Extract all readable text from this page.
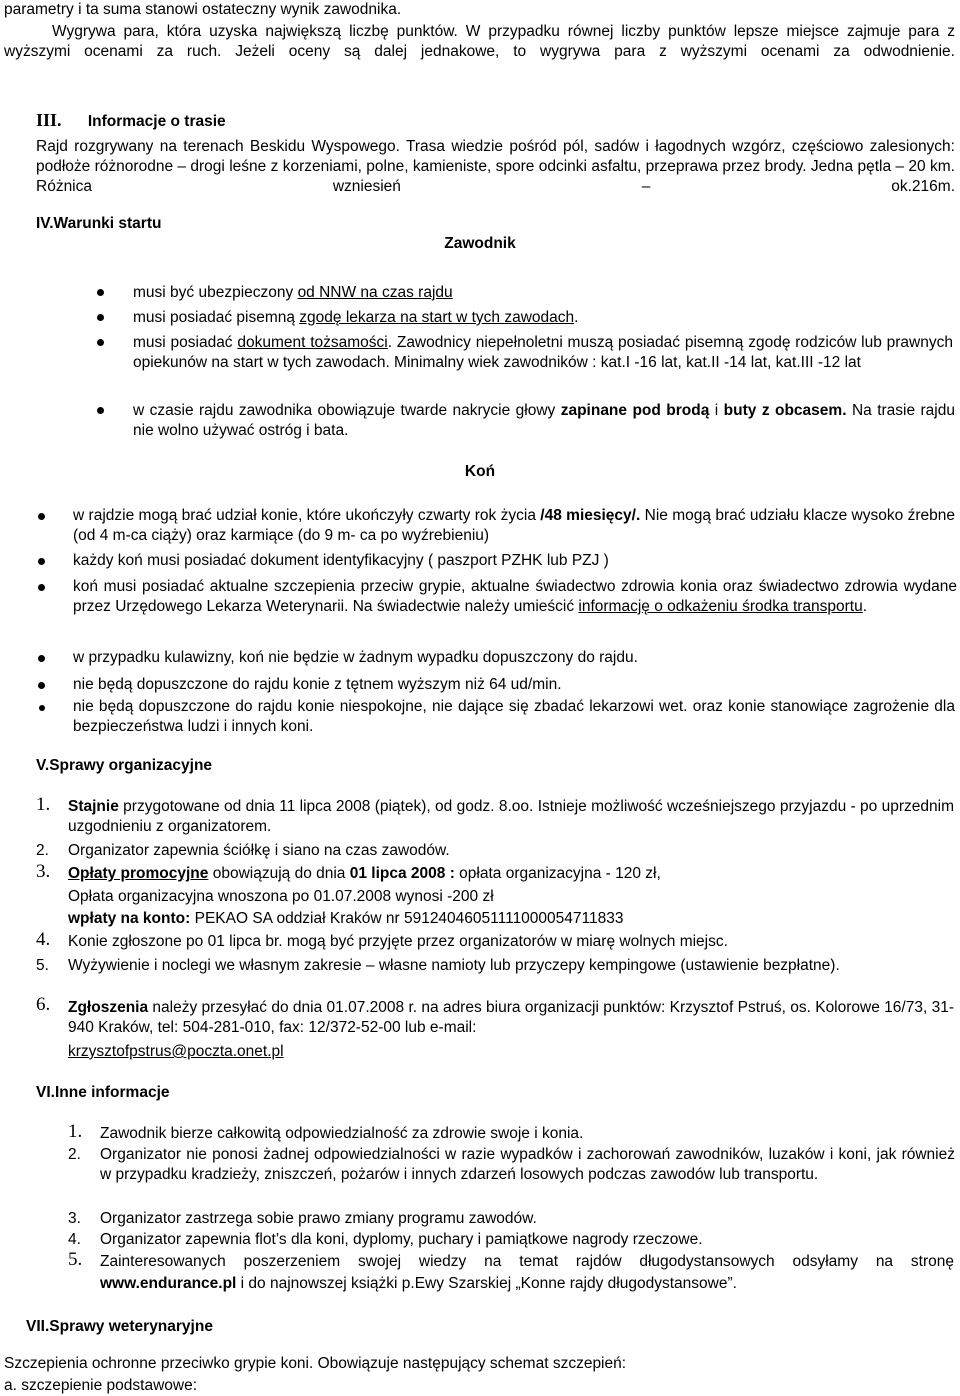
parametry i ta suma stanowi ostateczny wynik zawodnika.
Wygrywa para, która uzyska największą liczbę punktów. W przypadku równej liczby punktów lepsze miejsce zajmuje para z wyższymi ocenami za ruch. Jeżeli oceny są dalej jednakowe, to wygrywa para z wyższymi ocenami za odwodnienie.
III. Informacje o trasie
Rajd rozgrywany na terenach Beskidu Wyspowego. Trasa wiedzie pośród pól, sadów i łagodnych wzgórz, częściowo zalesionych: podłoże różnorodne – drogi leśne z korzeniami, polne, kamieniste, spore odcinki asfaltu, przeprawa przez brody. Jedna pętla – 20 km. Różnica wzniesień – ok.216m.
IV.Warunki startu
Zawodnik
musi być ubezpieczony od NNW na czas rajdu
musi posiadać pisemną zgodę lekarza na start w tych zawodach.
musi posiadać dokument tożsamości. Zawodnicy niepełnoletni muszą posiadać pisemną zgodę rodziców lub prawnych opiekunów na start w tych zawodach. Minimalny wiek zawodników : kat.I -16 lat, kat.II -14 lat, kat.III -12 lat
w czasie rajdu zawodnika obowiązuje twarde nakrycie głowy zapinane pod brodą i buty z obcasem. Na trasie rajdu nie wolno używać ostróg i bata.
Koń
w rajdzie mogą brać udział konie, które ukończyły czwarty rok życia /48 miesięcy/. Nie mogą brać udziału klacze wysoko źrebne (od 4 m-ca ciąży) oraz karmiące (do 9 m- ca po wyźrebieniu)
każdy koń musi posiadać dokument identyfikacyjny ( paszport PZHK lub PZJ )
koń musi posiadać aktualne szczepienia przeciw grypie, aktualne świadectwo zdrowia konia oraz świadectwo zdrowia wydane przez Urzędowego Lekarza Weterynarii. Na świadectwie należy umieścić informację o odkażeniu środka transportu.
w przypadku kulawizny, koń nie będzie w żadnym wypadku dopuszczony do rajdu.
nie będą dopuszczone do rajdu konie z tętnem wyższym niż 64 ud/min.
nie będą dopuszczone do rajdu konie niespokojne, nie dające się zbadać lekarzowi wet. oraz konie stanowiące zagrożenie dla bezpieczeństwa ludzi i innych koni.
V.Sprawy organizacyjne
1. Stajnie przygotowane od dnia 11 lipca 2008 (piątek), od godz. 8.oo. Istnieje możliwość wcześniejszego przyjazdu - po uprzednim uzgodnieniu z organizatorem.
2. Organizator zapewnia ściółkę i siano na czas zawodów.
3. Opłaty promocyjne obowiązują do dnia 01 lipca 2008 : opłata organizacyjna - 120 zł,
Opłata organizacyjna wnoszona po 01.07.2008 wynosi -200 zł
wpłaty na konto: PEKAO SA oddział Kraków nr 59124046051111000054711833
4. Konie zgłoszone po 01 lipca br. mogą być przyjęte przez organizatorów w miarę wolnych miejsc.
5. Wyżywienie i noclegi we własnym zakresie – własne namioty lub przyczepy kempingowe (ustawienie bezpłatne).
6. Zgłoszenia należy przesyłać do dnia 01.07.2008 r. na adres biura organizacji punktów: Krzysztof Pstruś, os. Kolorowe 16/73, 31-940 Kraków, tel: 504-281-010, fax: 12/372-52-00 lub e-mail:
krzysztofpstrus@poczta.onet.pl
VI.Inne informacje
1. Zawodnik bierze całkowitą odpowiedzialność za zdrowie swoje i konia.
2. Organizator nie ponosi żadnej odpowiedzialności w razie wypadków i zachorowań zawodników, luzaków i koni, jak również w przypadku kradzieży, zniszczeń, pożarów i innych zdarzeń losowych podczas zawodów lub transportu.
3. Organizator zastrzega sobie prawo zmiany programu zawodów.
4. Organizator zapewnia flot’s dla koni, dyplomy, puchary i pamiątkowe nagrody rzeczowe.
5. Zainteresowanych poszerzeniem swojej wiedzy na temat rajdów długodystansowych odsyłamy na stronę
www.endurance.pl i do najnowszej książki p.Ewy Szarskiej „Konne rajdy długodystansowe”.
VII.Sprawy weterynaryjne
Szczepienia ochronne przeciwko grypie koni. Obowiązuje następujący schemat szczepień:
a. szczepienie podstawowe:
